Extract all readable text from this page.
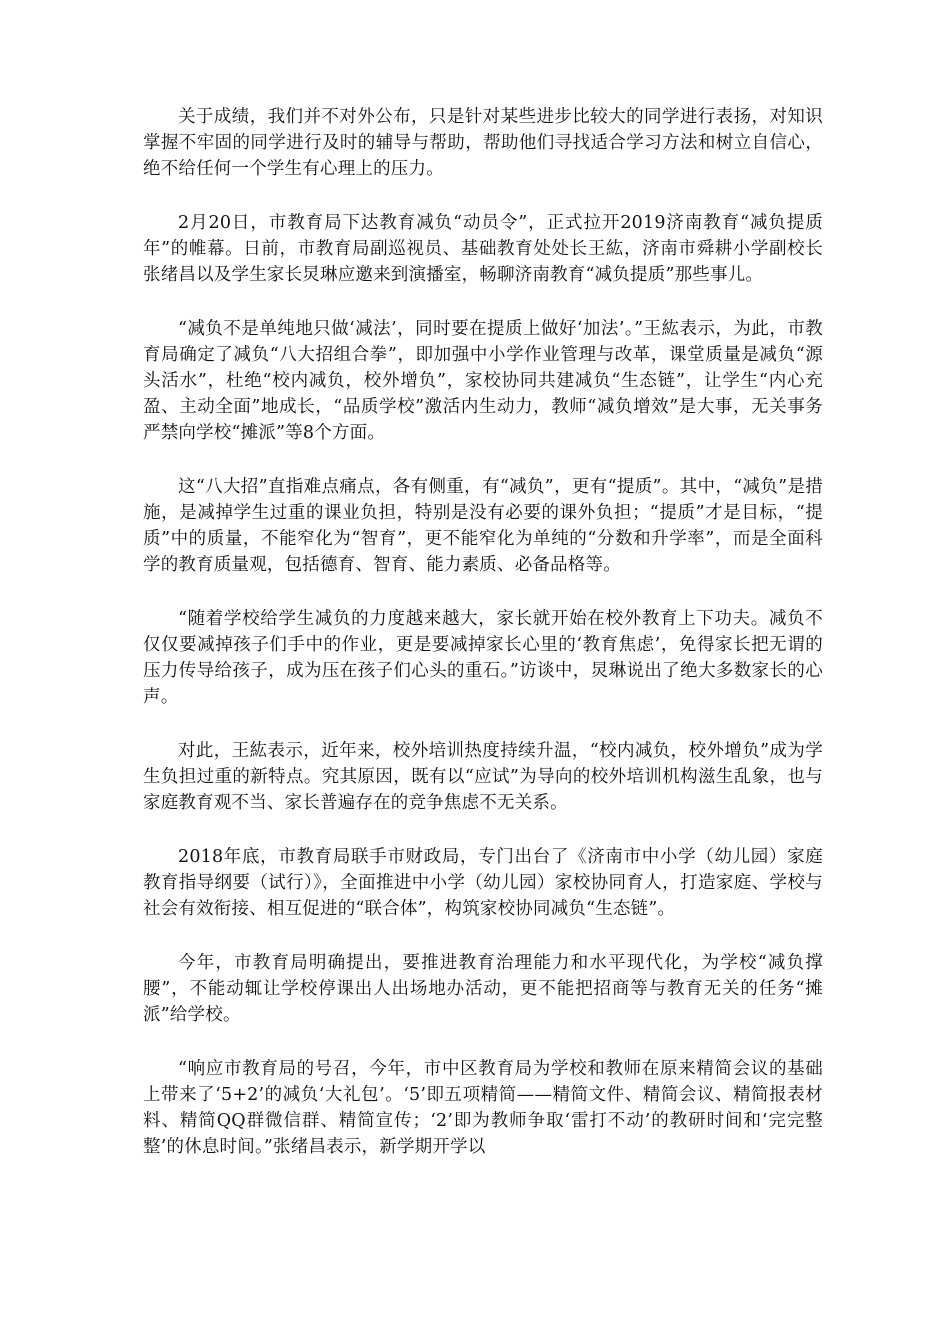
关于成绩，我们并不对外公布，只是针对某些进步比较大的同学进行表扬，对知识掌握不牢固的同学进行及时的辅导与帮助，帮助他们寻找适合学习方法和树立自信心，绝不给任何一个学生有心理上的压力。

2月20日，市教育局下达教育减负“动员令”，正式拉开2019济南教育“减负提质年”的帷幕。日前，市教育局副巡视员、基础教育处处长王紘，济南市舜耕小学副校长张绪昌以及学生家长炅琳应邀来到演播室，畅聊济南教育“减负提质”那些事儿。

“减负不是单纯地只做‘减法’，同时要在提质上做好‘加法’。”王紘表示，为此，市教育局确定了减负“八大招组合拳”，即加强中小学作业管理与改革，课堂质量是减负“源头活水”，杜绝“校内减负，校外增负”，家校协同共建减负“生态链”，让学生“内心充盈、主动全面”地成长，“品质学校”激活内生动力，教师“减负增效”是大事，无关事务严禁向学校“摊派”等8个方面。

这“八大招”直指难点痛点，各有侧重，有“减负”，更有“提质”。其中，“减负”是措施，是减掉学生过重的课业负担，特别是没有必要的课外负担；“提质”才是目标，“提质”中的质量，不能窄化为“智育”，更不能窄化为单纯的“分数和升学率”，而是全面科学的教育质量观，包括德育、智育、能力素质、必备品格等。

“随着学校给学生减负的力度越来越大，家长就开始在校外教育上下功夫。减负不仅仅要减掉孩子们手中的作业，更是要减掉家长心里的‘教育焦虑’，免得家长把无谓的压力传导给孩子，成为压在孩子们心头的重石。”访谈中，炅琳说出了绝大多数家长的心声。

对此，王紘表示，近年来，校外培训热度持续升温，“校内减负，校外增负”成为学生负担过重的新特点。究其原因，既有以“应试”为导向的校外培训机构滋生乱象，也与家庭教育观不当、家长普遍存在的竞争焦虑不无关系。

2018年底，市教育局联手市财政局，专门出台了《济南市中小学（幼儿园）家庭教育指导纲要（试行）》，全面推进中小学（幼儿园）家校协同育人，打造家庭、学校与社会有效衔接、相互促进的“联合体”，构筑家校协同减负“生态链”。

今年，市教育局明确提出，要推进教育治理能力和水平现代化，为学校“减负撑腰”，不能动辄让学校停课出人出场地办活动，更不能把招商等与教育无关的任务“摊派”给学校。

“响应市教育局的号召，今年，市中区教育局为学校和教师在原来精简会议的基础上带来了‘5+2’的减负‘大礼包’。‘5’即五项精简——精简文件、精简会议、精简报表材料、精简QQ群微信群、精简宣传；‘2’即为教师争取‘雷打不动’的教研时间和‘完完整整’的休息时间。”张绪昌表示，新学期开学以
